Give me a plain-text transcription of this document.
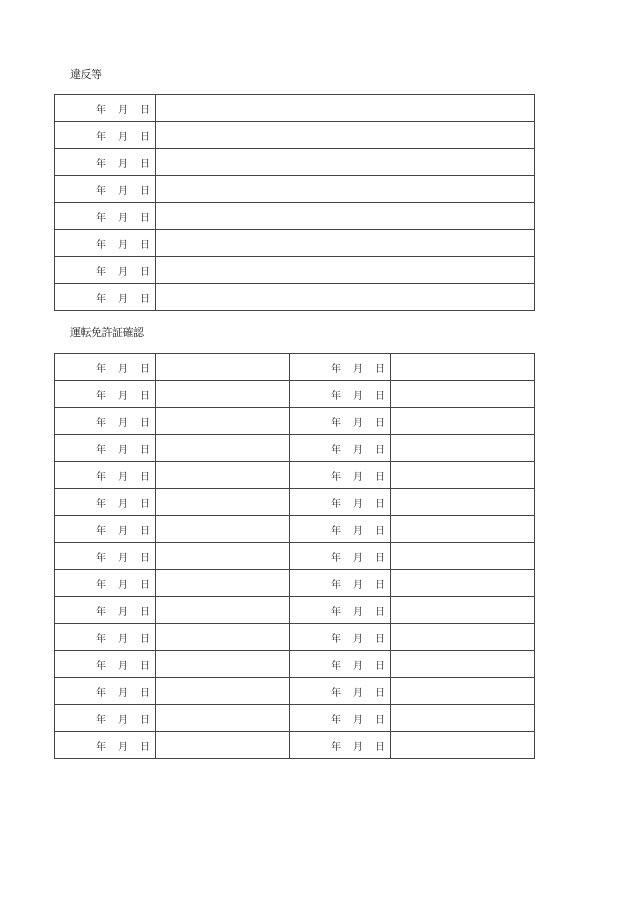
違反等
年 月 日	
年 月 日	
年 月 日	
年 月 日	
年 月 日	
年 月 日	
年 月 日	
年 月 日	
運転免許証確認
年 月 日		年 月 日	
年 月 日		年 月 日	
年 月 日		年 月 日	
年 月 日		年 月 日	
年 月 日		年 月 日	
年 月 日		年 月 日	
年 月 日		年 月 日	
年 月 日		年 月 日	
年 月 日		年 月 日	
年 月 日		年 月 日	
年 月 日		年 月 日	
年 月 日		年 月 日	
年 月 日		年 月 日	
年 月 日		年 月 日	
年 月 日		年 月 日	
